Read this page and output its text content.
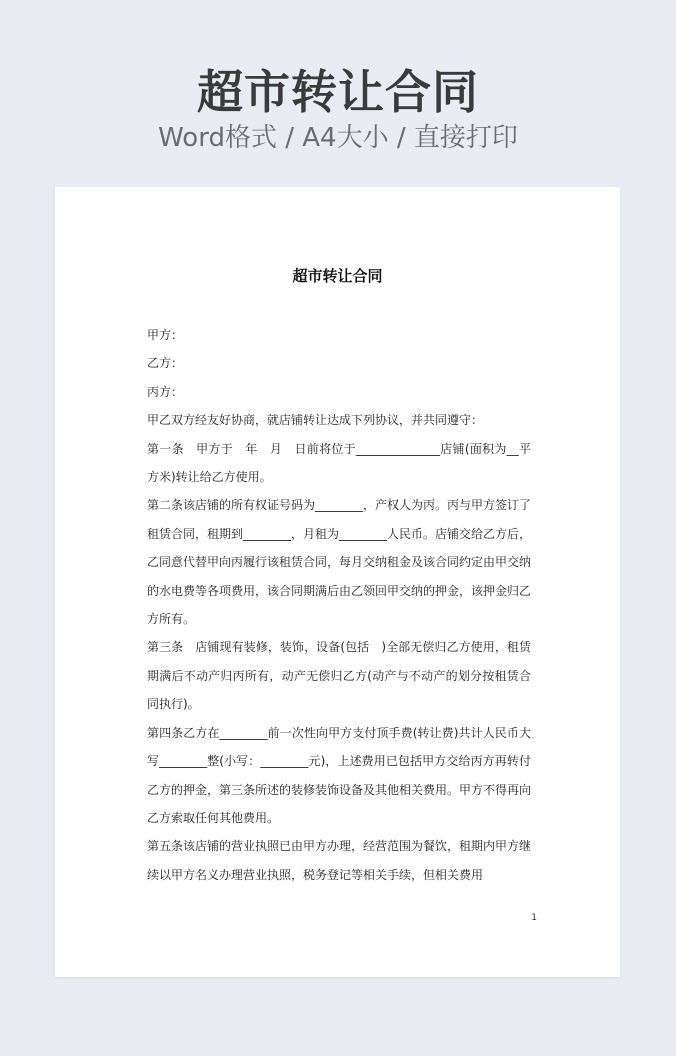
超市转让合同
Word格式 / A4大小 / 直接打印
超市转让合同

甲方：

乙方：

丙方：

甲乙双方经友好协商，就店铺转让达成下列协议，并共同遵守：

第一条　甲方于　年　月　日前将位于______________店铺(面积为__平方米)转让给乙方使用。

第二条该店铺的所有权证号码为________，产权人为丙。丙与甲方签订了租赁合同，租期到________，月租为________人民币。店铺交给乙方后，乙同意代替甲向丙履行该租赁合同，每月交纳租金及该合同约定由甲交纳的水电费等各项费用，该合同期满后由乙领回甲交纳的押金，该押金归乙方所有。

第三条　店铺现有装修，装饰，设备(包括　)全部无偿归乙方使用，租赁期满后不动产归丙所有，动产无偿归乙方(动产与不动产的划分按租赁合同执行)。

第四条乙方在________前一次性向甲方支付顶手费(转让费)共计人民币大写________整(小写：________元)，上述费用已包括甲方交给丙方再转付乙方的押金，第三条所述的装修装饰设备及其他相关费用。甲方不得再向乙方索取任何其他费用。

第五条该店铺的营业执照已由甲方办理，经营范围为餐饮，租期内甲方继续以甲方名义办理营业执照，税务登记等相关手续，但相关费用

1
